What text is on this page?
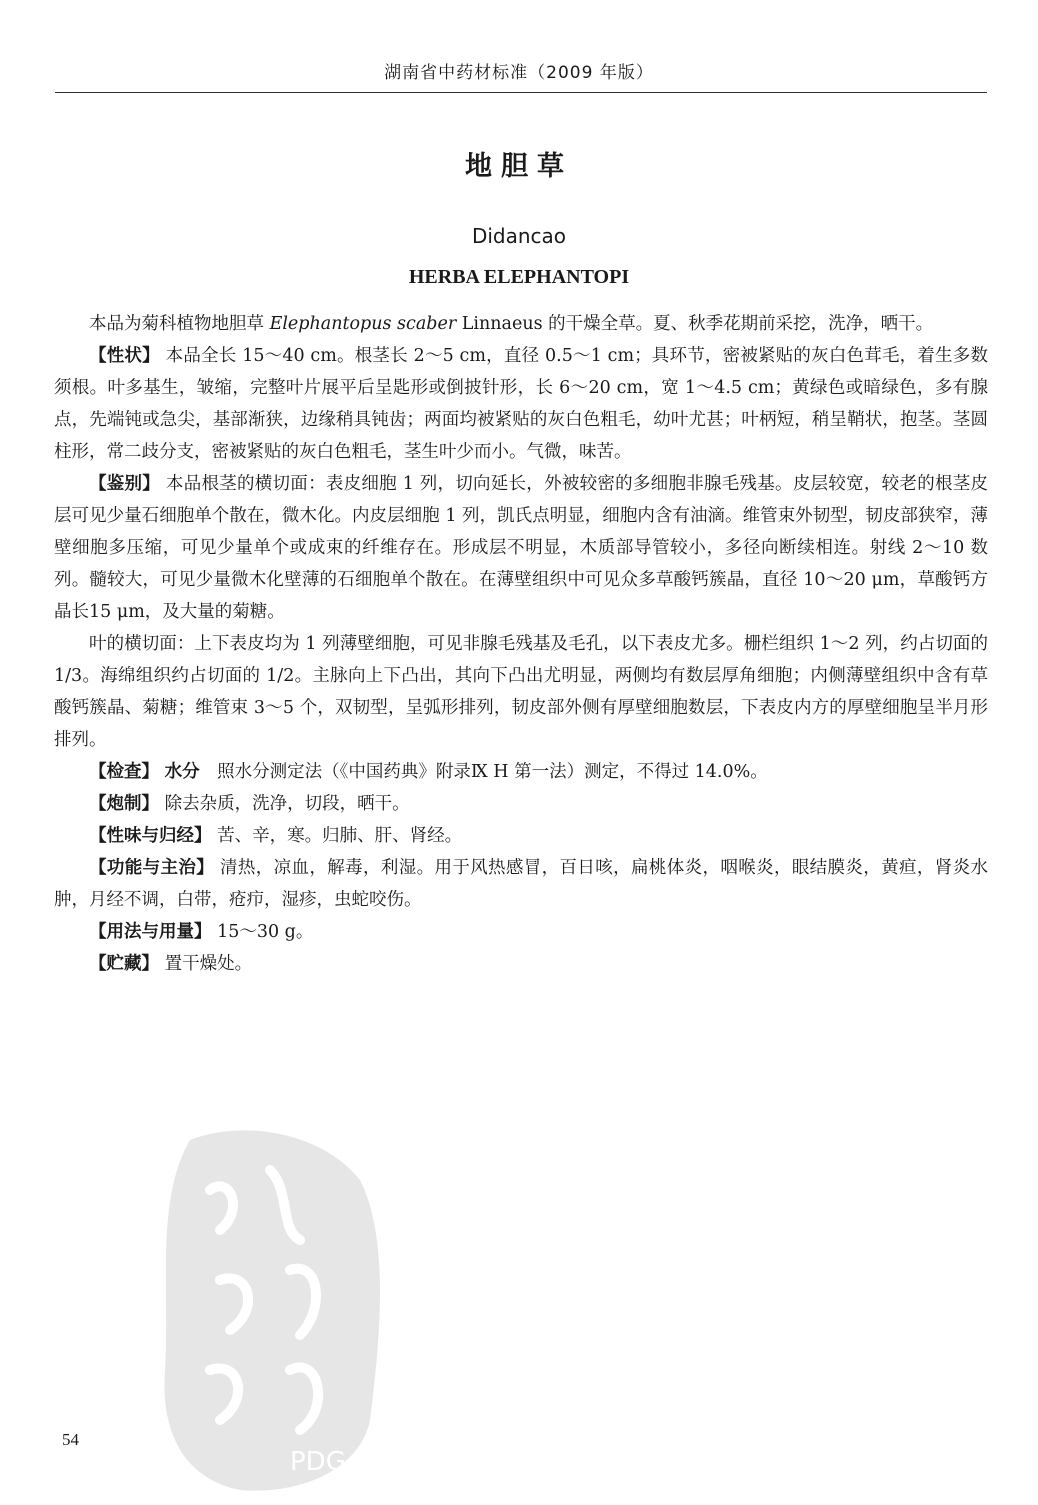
湖南省中药材标准（2009 年版）
地胆草
Didancao
HERBA ELEPHANTOPI

本品为菊科植物地胆草 Elephantopus scaber Linnaeus 的干燥全草。夏、秋季花期前采挖，洗净，晒干。

【性状】 本品全长 15～40 cm。根茎长 2～5 cm，直径 0.5～1 cm；具环节，密被紧贴的灰白色茸毛，着生多数须根。叶多基生，皱缩，完整叶片展平后呈匙形或倒披针形，长 6～20 cm，宽 1～4.5 cm；黄绿色或暗绿色，多有腺点，先端钝或急尖，基部渐狭，边缘稍具钝齿；两面均被紧贴的灰白色粗毛，幼叶尤甚；叶柄短，稍呈鞘状，抱茎。茎圆柱形，常二歧分支，密被紧贴的灰白色粗毛，茎生叶少而小。气微，味苦。

【鉴别】 本品根茎的横切面：表皮细胞 1 列，切向延长，外被较密的多细胞非腺毛残基。皮层较宽，较老的根茎皮层可见少量石细胞单个散在，微木化。内皮层细胞 1 列，凯氏点明显，细胞内含有油滴。维管束外韧型，韧皮部狭窄，薄壁细胞多压缩，可见少量单个或成束的纤维存在。形成层不明显，木质部导管较小，多径向断续相连。射线 2～10 数列。髓较大，可见少量微木化壁薄的石细胞单个散在。在薄壁组织中可见众多草酸钙簇晶，直径 10～20 μm，草酸钙方晶长15 μm，及大量的菊糖。

叶的横切面：上下表皮均为 1 列薄壁细胞，可见非腺毛残基及毛孔，以下表皮尤多。栅栏组织 1～2 列，约占切面的 1/3。海绵组织约占切面的 1/2。主脉向上下凸出，其向下凸出尤明显，两侧均有数层厚角细胞；内侧薄壁组织中含有草酸钙簇晶、菊糖；维管束 3～5 个，双韧型，呈弧形排列，韧皮部外侧有厚壁细胞数层，下表皮内方的厚壁细胞呈半月形排列。

【检查】 水分　 照水分测定法（《中国药典》附录Ⅸ H 第一法）测定，不得过 14.0%。

【炮制】 除去杂质，洗净，切段，晒干。

【性味与归经】 苦、辛，寒。归肺、肝、肾经。

【功能与主治】 清热，凉血，解毒，利湿。用于风热感冒，百日咳，扁桃体炎，咽喉炎，眼结膜炎，黄疸，肾炎水肿，月经不调，白带，疮疖，湿疹，虫蛇咬伤。

【用法与用量】 15～30 g。

【贮藏】 置干燥处。

PDG
54
